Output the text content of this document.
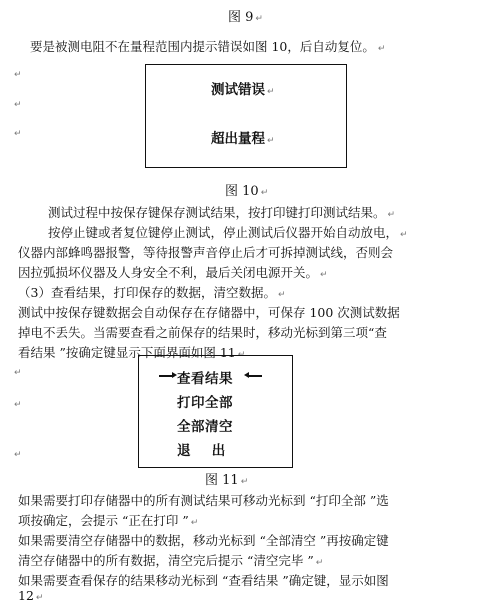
图 9↵
要是被测电阻不在量程范围内提示错误如图 10，后自动复位。↵
↵
↵
↵
测试错误↵
超出量程↵
图 10↵
测试过程中按保存键保存测试结果，按打印键打印测试结果。↵
按停止键或者复位键停止测试，停止测试后仪器开始自动放电，↵
仪器内部蜂鸣器报警，等待报警声音停止后才可拆掉测试线，否则会
因拉弧损坏仪器及人身安全不利，最后关闭电源开关。↵
（3）查看结果，打印保存的数据，清空数据。↵
测试中按保存键数据会自动保存在存储器中，可保存 100 次测试数据
掉电不丢失。当需要查看之前保存的结果时，移动光标到第三项“查
看结果 ”按确定键显示下面界面如图 11↵
↵
↵
↵
查看结果
打印全部
全部清空
退    出
图 11↵
如果需要打印存储器中的所有测试结果可移动光标到 “打印全部 ”选
项按确定，会提示 “正在打印 ”↵
如果需要清空存储器中的数据，移动光标到 “全部清空 ”再按确定键
清空存储器中的所有数据，清空完后提示 “清空完毕 ”↵
如果需要查看保存的结果移动光标到 “查看结果 ”确定键，显示如图
12↵
